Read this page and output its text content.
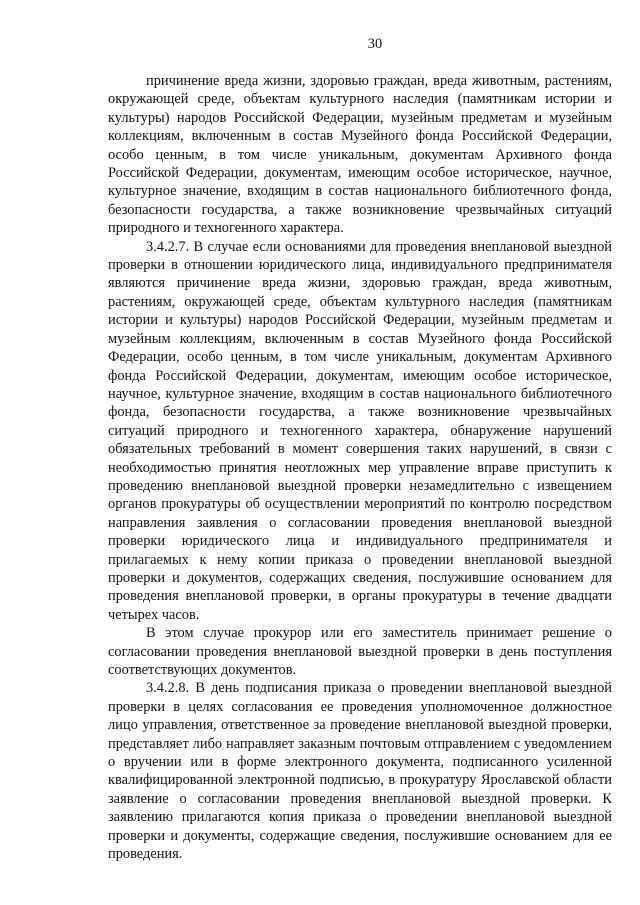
30

причинение вреда жизни, здоровью граждан, вреда животным, растениям, окружающей среде, объектам культурного наследия (памятникам истории и культуры) народов Российской Федерации, музейным предметам и музейным коллекциям, включенным в состав Музейного фонда Российской Федерации, особо ценным, в том числе уникальным, документам Архивного фонда Российской Федерации, документам, имеющим особое историческое, научное, культурное значение, входящим в состав национального библиотечного фонда, безопасности государства, а также возникновение чрезвычайных ситуаций природного и техногенного характера.

3.4.2.7. В случае если основаниями для проведения внеплановой выездной проверки в отношении юридического лица, индивидуального предпринимателя являются причинение вреда жизни, здоровью граждан, вреда животным, растениям, окружающей среде, объектам культурного наследия (памятникам истории и культуры) народов Российской Федерации, музейным предметам и музейным коллекциям, включенным в состав Музейного фонда Российской Федерации, особо ценным, в том числе уникальным, документам Архивного фонда Российской Федерации, документам, имеющим особое историческое, научное, культурное значение, входящим в состав национального библиотечного фонда, безопасности государства, а также возникновение чрезвычайных ситуаций природного и техногенного характера, обнаружение нарушений обязательных требований в момент совершения таких нарушений, в связи с необходимостью принятия неотложных мер управление вправе приступить к проведению внеплановой выездной проверки незамедлительно с извещением органов прокуратуры об осуществлении мероприятий по контролю посредством направления заявления о согласовании проведения внеплановой выездной проверки юридического лица и индивидуального предпринимателя и прилагаемых к нему копии приказа о проведении внеплановой выездной проверки и документов, содержащих сведения, послужившие основанием для проведения внеплановой проверки, в органы прокуратуры в течение двадцати четырех часов.

В этом случае прокурор или его заместитель принимает решение о согласовании проведения внеплановой выездной проверки в день поступления соответствующих документов.

3.4.2.8. В день подписания приказа о проведении внеплановой выездной проверки в целях согласования ее проведения уполномоченное должностное лицо управления, ответственное за проведение внеплановой выездной проверки, представляет либо направляет заказным почтовым отправлением с уведомлением о вручении или в форме электронного документа, подписанного усиленной квалифицированной электронной подписью, в прокуратуру Ярославской области заявление о согласовании проведения внеплановой выездной проверки. К заявлению прилагаются копия приказа о проведении внеплановой выездной проверки и документы, содержащие сведения, послужившие основанием для ее проведения.
